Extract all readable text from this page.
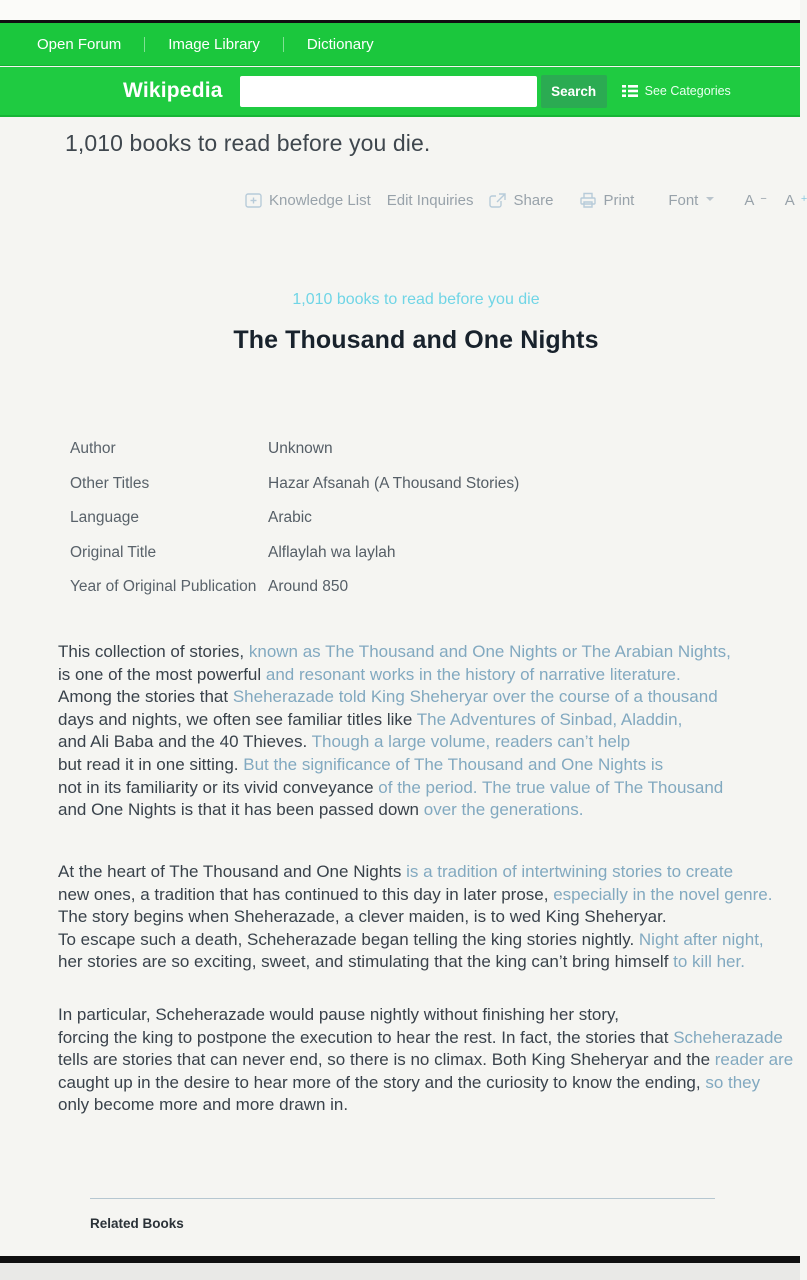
Open Forum	Image Library	Dictionary
Wikipedia	Search	See Categories
1,010 books to read before you die.
Knowledge List Edit Inquiries	Share	Print Font	A − A +
1,010 books to read before you die
The Thousand and One Nights
Author	Unknown
Other Titles	Hazar Afsanah (A Thousand Stories)
Language	Arabic
Original Title	Alflaylah wa laylah
Year of Original Publication Around 850
This collection of stories, known as The Thousand and One Nights or The Arabian Nights,
is one of the most powerful and resonant works in the history of narrative literature.
Among the stories that Sheherazade told King Sheheryar over the course of a thousand
days and nights, we often see familiar titles like The Adventures of Sinbad, Aladdin,
and Ali Baba and the 40 Thieves. Though a large volume, readers can’t help
but read it in one sitting. But the significance of The Thousand and One Nights is
not in its familiarity or its vivid conveyance of the period. The true value of The Thousand
and One Nights is that it has been passed down over the generations.
At the heart of The Thousand and One Nights is a tradition of intertwining stories to create
new ones, a tradition that has continued to this day in later prose, especially in the novel genre.
The story begins when Sheherazade, a clever maiden, is to wed King Sheheryar.
To escape such a death, Scheherazade began telling the king stories nightly. Night after night,
her stories are so exciting, sweet, and stimulating that the king can’t bring himself to kill her.
In particular, Scheherazade would pause nightly without finishing her story,
forcing the king to postpone the execution to hear the rest. In fact, the stories that Scheherazade
tells are stories that can never end, so there is no climax. Both King Sheheryar and the reader are
caught up in the desire to hear more of the story and the curiosity to know the ending, so they
only become more and more drawn in.
Related Books
